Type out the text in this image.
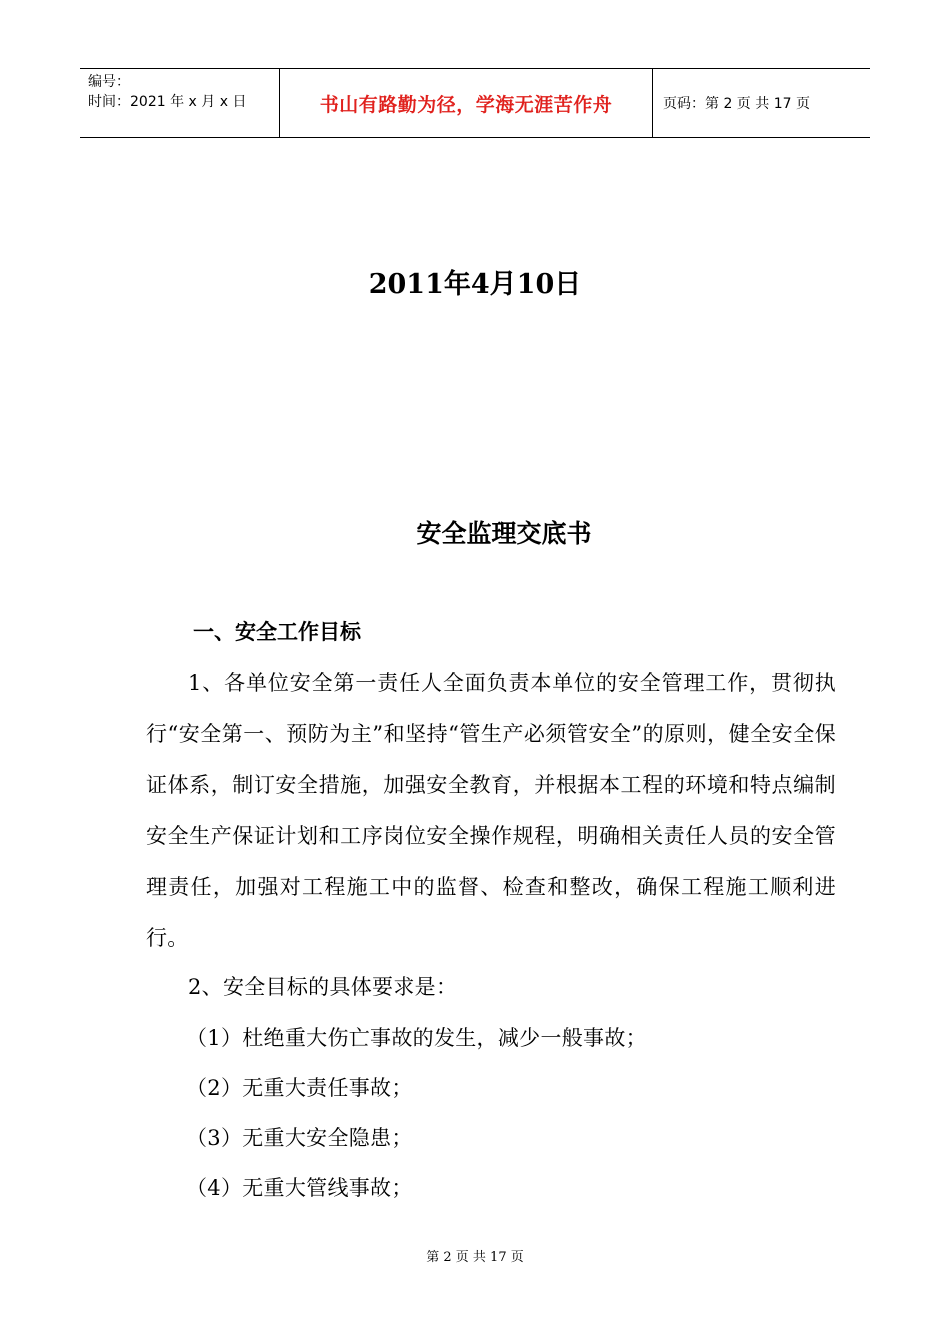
编号：
时间：2021 年 x 月 x 日	书山有路勤为径，学海无涯苦作舟	页码：第 2 页 共 17 页
2011年4月10日
安全监理交底书
一、安全工作目标
1、各单位安全第一责任人全面负责本单位的安全管理工作，贯彻执行“安全第一、预防为主”和坚持“管生产必须管安全”的原则，健全安全保证体系，制订安全措施，加强安全教育，并根据本工程的环境和特点编制安全生产保证计划和工序岗位安全操作规程，明确相关责任人员的安全管理责任，加强对工程施工中的监督、检查和整改，确保工程施工顺利进行。
2、安全目标的具体要求是：
（1）杜绝重大伤亡事故的发生，减少一般事故；
（2）无重大责任事故；
（3）无重大安全隐患；
（4）无重大管线事故；
第 2 页 共 17 页
